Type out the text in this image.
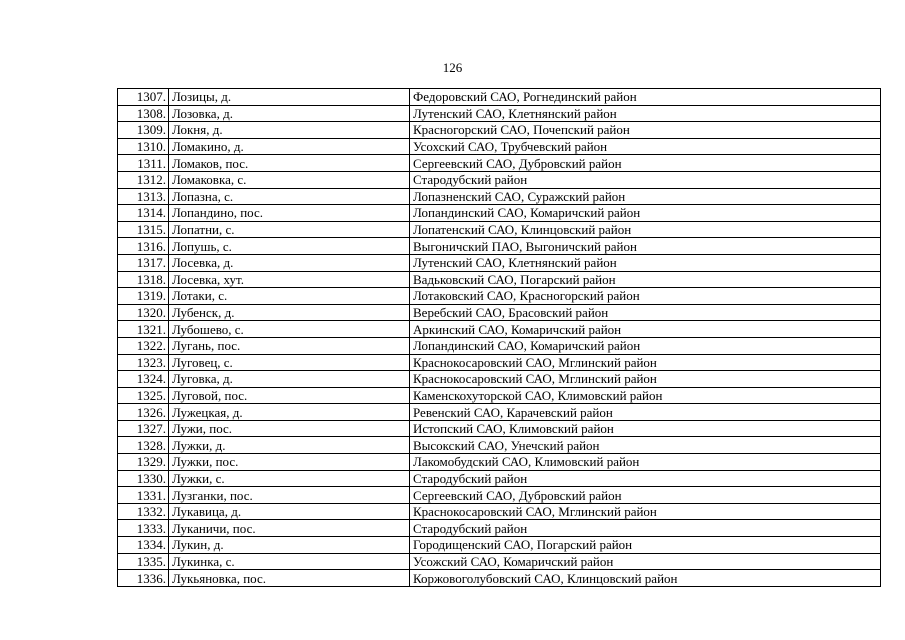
126
1307.	Лозицы, д.	Федоровский САО, Рогнединский район
1308.	Лозовка, д.	Лутенский САО, Клетнянский район
1309.	Локня, д.	Красногорский САО, Почепский район
1310.	Ломакино, д.	Усохский САО, Трубчевский район
1311.	Ломаков, пос.	Сергеевский САО, Дубровский район
1312.	Ломаковка, с.	Стародубский район
1313.	Лопазна, с.	Лопазненский САО, Суражский район
1314.	Лопандино, пос.	Лопандинский САО, Комаричский район
1315.	Лопатни, с.	Лопатенский САО, Клинцовский район
1316.	Лопушь, с.	Выгоничский ПАО, Выгоничский район
1317.	Лосевка, д.	Лутенский САО, Клетнянский район
1318.	Лосевка, хут.	Вадьковский САО, Погарский район
1319.	Лотаки, с.	Лотаковский САО, Красногорский район
1320.	Лубенск, д.	Веребский САО, Брасовский район
1321.	Лубошево, с.	Аркинский САО, Комаричский район
1322.	Лугань, пос.	Лопандинский САО, Комаричский район
1323.	Луговец, с.	Краснокосаровский САО, Мглинский район
1324.	Луговка, д.	Краснокосаровский САО, Мглинский район
1325.	Луговой, пос.	Каменскохуторской САО, Климовский район
1326.	Лужецкая, д.	Ревенский САО, Карачевский район
1327.	Лужи, пос.	Истопский САО, Климовский район
1328.	Лужки, д.	Высокский САО, Унечский район
1329.	Лужки, пос.	Лакомобудский САО, Климовский район
1330.	Лужки, с.	Стародубский район
1331.	Лузганки, пос.	Сергеевский САО, Дубровский район
1332.	Лукавица, д.	Краснокосаровский САО, Мглинский район
1333.	Луканичи, пос.	Стародубский район
1334.	Лукин, д.	Городищенский САО, Погарский район
1335.	Лукинка, с.	Усожский САО, Комаричский район
1336.	Лукьяновка, пос.	Коржовоголубовский САО, Клинцовский район
